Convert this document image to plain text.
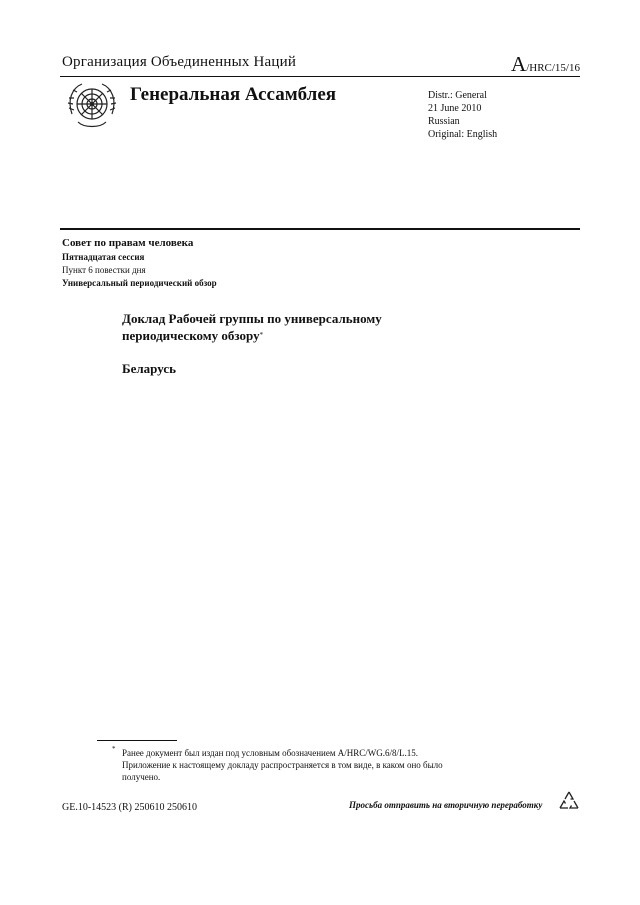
Организация Объединенных Наций	A/HRC/15/16
Генеральная Ассамблея	Distr.: General
21 June 2010
Russian
Original: English
Совет по правам человека
Пятнадцатая сессия
Пункт 6 повестки дня
Универсальный периодический обзор
Доклад Рабочей группы по универсальному
периодическому обзору*
Беларусь
* Ранее документ был издан под условным обозначением A/HRC/WG.6/8/L.15.
Приложение к настоящему докладу распространяется в том виде, в каком оно было
получено.
GE.10-14523 (R) 250610 250610	Просьба отправить на вторичную переработку
